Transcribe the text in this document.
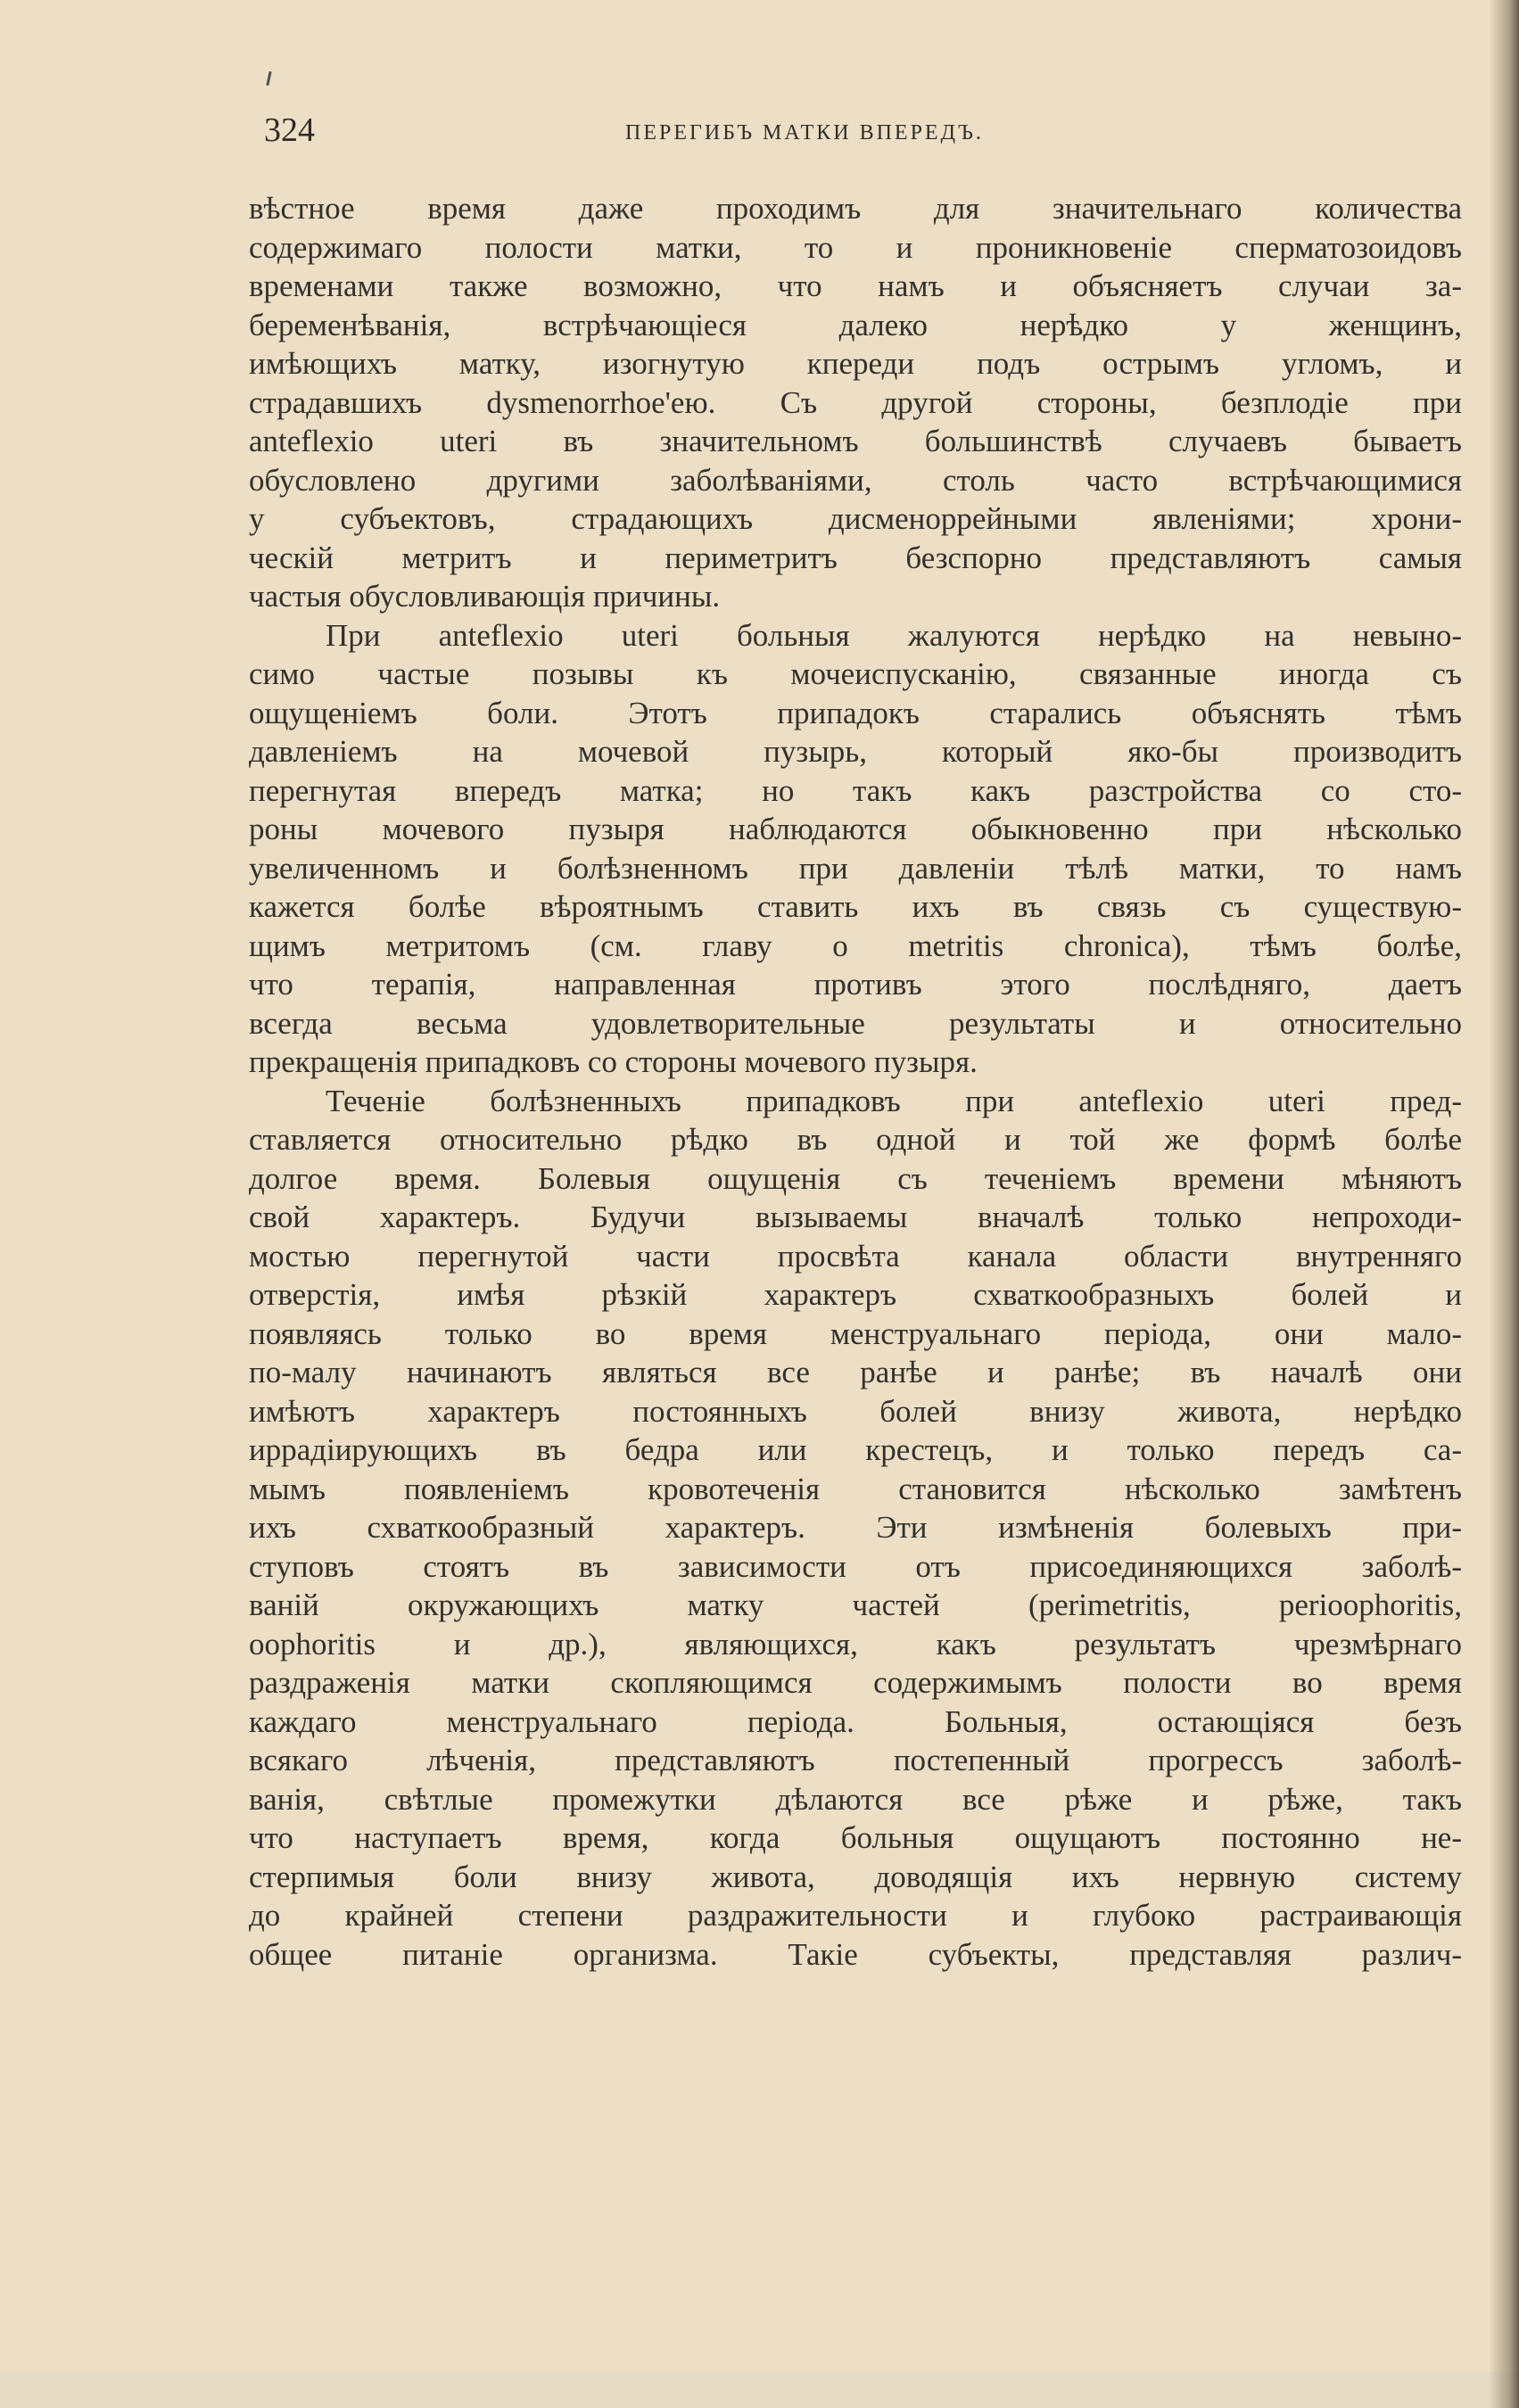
324	ПЕРЕГИБЪ МАТКИ ВПЕРЕДЪ.
вѣстное время даже проходимъ для значительнаго количества
содержимаго полости матки, то и проникновеніе сперматозоидовъ
временами также возможно, что намъ и объясняетъ случаи за-
беременѣванія, встрѣчающіеся далеко нерѣдко у женщинъ,
имѣющихъ матку, изогнутую кпереди подъ острымъ угломъ, и
страдавшихъ dysmenorrhoe'ею. Съ другой стороны, безплодіе при
anteflexio uteri въ значительномъ большинствѣ случаевъ бываетъ
обусловлено другими заболѣваніями, столь часто встрѣчающимися
у субъектовъ, страдающихъ дисменоррейными явленіями; хрони-
ческій метритъ и периметритъ безспорно представляютъ самыя
частыя обусловливающія причины.
При anteflexio uteri больныя жалуются нерѣдко на невыно-
симо частые позывы къ мочеиспусканію, связанные иногда съ
ощущеніемъ боли. Этотъ припадокъ старались объяснять тѣмъ
давленіемъ на мочевой пузырь, который яко-бы производитъ
перегнутая впередъ матка; но такъ какъ разстройства со сто-
роны мочевого пузыря наблюдаются обыкновенно при нѣсколько
увеличенномъ и болѣзненномъ при давленіи тѣлѣ матки, то намъ
кажется болѣе вѣроятнымъ ставить ихъ въ связь съ существую-
щимъ метритомъ (см. главу о metritis chronica), тѣмъ болѣе,
что терапія, направленная противъ этого послѣдняго, даетъ
всегда весьма удовлетворительные результаты и относительно
прекращенія припадковъ со стороны мочевого пузыря.
Теченіе болѣзненныхъ припадковъ при anteflexio uteri пред-
ставляется относительно рѣдко въ одной и той же формѣ болѣе
долгое время. Болевыя ощущенія съ теченіемъ времени мѣняютъ
свой характеръ. Будучи вызываемы вначалѣ только непроходи-
мостью перегнутой части просвѣта канала области внутренняго
отверстія, имѣя рѣзкій характеръ схваткообразныхъ болей и
появляясь только во время менструальнаго періода, они мало-
по-малу начинаютъ являться все ранѣе и ранѣе; въ началѣ они
имѣютъ характеръ постоянныхъ болей внизу живота, нерѣдко
иррадіирующихъ въ бедра или крестецъ, и только передъ са-
мымъ появленіемъ кровотеченія становится нѣсколько замѣтенъ
ихъ схваткообразный характеръ. Эти измѣненія болевыхъ при-
ступовъ стоятъ въ зависимости отъ присоединяющихся заболѣ-
ваній окружающихъ матку частей (perimetritis, perioophoritis,
oophoritis и др.), являющихся, какъ результатъ чрезмѣрнаго
раздраженія матки скопляющимся содержимымъ полости во время
каждаго менструальнаго періода. Больныя, остающіяся безъ
всякаго лѣченія, представляютъ постепенный прогрессъ заболѣ-
ванія, свѣтлые промежутки дѣлаются все рѣже и рѣже, такъ
что наступаетъ время, когда больныя ощущаютъ постоянно не-
стерпимыя боли внизу живота, доводящія ихъ нервную систему
до крайней степени раздражительности и глубоко растраивающія
общее питаніе организма. Такіе субъекты, представляя различ-
